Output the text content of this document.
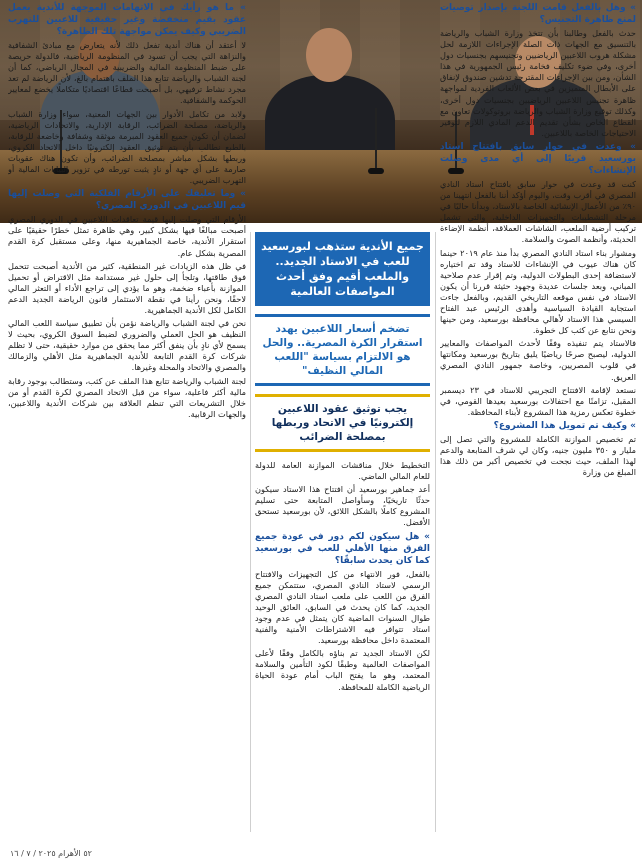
» وهل بالفعل قامت اللجنة بإصدار توصيات لمنع ظاهرة التجنيس؟

حدث بالفعل وطالبنا بأن تتخذ وزارة الشباب والرياضة بالتنسيق مع الجهات ذات الصلة الإجراءات اللازمة لحل مشكلة هروب اللاعبين الرياضيين وتجنيسهم بجنسيات دول أخرى، وفي ضوء تكليف فخامة رئيس الجمهورية في هذا الشأن، ومن بين الإجراءات المقترحة تدشين صندوق لإنفاق على الأبطال المتميزين في بعض الألعاب الفردية لمواجهة ظاهرة تجنيس اللاعبين الرياضيين بجنسيات دول أخرى، وكذلك توقيع وزارة الشباب والرياضة بروتوكولات تعاون مع القطاع الخاص بشأن تقديم الدعم المادي اللازم لتوفير الاحتياجات الخاصة باللاعبين.

» وعدت في حوار سابق بافتتاح استاد بورسعيد قريبًا إلى أي مدى وصلت الإنشاءات؟

كنت قد وعدت في حوار سابق بافتتاح استاد النادي المصري في أقرب وقت، واليوم أؤكد أننا بالفعل انتهينا من ٩٠٪ من الأعمال الإنشائية الخاصة بالاستاد، وبدأنا حاليًا في مرحلة التشطيبات والتجهيزات الداخلية، والتي تشمل تركيب أرضية الملعب، الشاشات العملاقة، أنظمة الإضاءة الحديثة، وأنظمة الصوت والسلامة.

ومشوار بناء استاد النادي المصري بدأ منذ عام ٢٠١٩ حينما كان هناك عيوب في الإنشاءات للاستاد وقد تم اختياره لاستضافة إحدى البطولات الدولية، وتم إقرار عدم صلاحية المباني، وبعد جلسات عديدة وجهود حثيثة قررنا أن يكون الاستاد في نفس موقعه التاريخي القديم، وبالفعل جاءت استجابة القيادة السياسية وأهدى الرئيس عبد الفتاح السيسي هذا الاستاد لأهالي محافظة بورسعيد، ومن حينها ونحن نتابع عن كثب كل خطوة.

فالاستاد يتم تنفيذه وفقًا لأحدث المواصفات والمعايير الدولية، ليصبح صرحًا رياضيًا يليق بتاريخ بورسعيد ومكانتها في قلوب المصريين، وخاصة جمهور النادي المصري العريق.

نستعد لإقامة الافتتاح التجريبي للاستاد في ٢٣ ديسمبر المقبل، تزامنًا مع احتفالات بورسعيد بعيدها القومي، في خطوة تعكس رمزية هذا المشروع لأبناء المحافظة.

» وكيف تم تمويل هذا المشروع؟

تم تخصيص الموازنة الكاملة للمشروع والتي تصل إلى مليار و ٣٥٠ مليون جنيه، وكان لي شرف المتابعة والدعم لهذا الملف، حيث نجحت في تخصيص أكبر من ذلك هذا المبلغ من وزارة

جميع الأندية ستذهب لبورسعيد للعب في الاستاد الجديد.. والملعب أقيم وفق أحدث المواصفات العالمية
تضخم أسعار اللاعبين يهدد استقرار الكرة المصرية.. والحل هو الالتزام بسياسة "اللعب المالي النظيف"
يجب توثيق عقود اللاعبين إلكترونيًا في الاتحاد وربطها بمصلحة الضرائب

التخطيط خلال مناقشات الموازنة العامة للدولة للعام المالي الماضي.

أعد جماهير بورسعيد أن افتتاح هذا الاستاد سيكون حدثًا تاريخيًا، وسأواصل المتابعة حتى تسليم المشروع كاملًا بالشكل اللائق، لأن بورسعيد تستحق الأفضل.

» هل سيكون لكم دور في عودة جميع الفرق منها الأهلي للعب في بورسعيد كما كان يحدث سابقًا؟

بالفعل، فور الانتهاء من كل التجهيزات والافتتاح الرسمي لاستاد النادي المصري، ستتمكن جميع الفرق من اللعب على ملعب استاد النادي المصري الجديد، كما كان يحدث في السابق، العائق الوحيد طوال السنوات الماضية كان يتمثل في عدم وجود استاد تتوافر فيه الاشتراطات الأمنية والفنية المعتمدة داخل محافظة بورسعيد.

لكن الاستاد الجديد تم بناؤه بالكامل وفقًا لأعلى المواصفات العالمية وطبقًا لكود التأمين والسلامة المعتمد، وهو ما يفتح الباب أمام عودة الحياة الرياضية الكاملة للمحافظة.

» ما هو رأيك في الاتهامات الموجهة للأندية بعمل عقود بقيم منخفضة وغير حقيقية للاعبين للتهرب الضريبي وكيف يمكن مواجهة تلك الظاهرة؟

لا أعتقد أن هناك أندية تفعل ذلك لأنه يتعارض مع مبادئ الشفافية والنزاهة التي يجب أن تسود في المنظومة الرياضية، فالدولة حريصة على ضبط المنظومة المالية والضريبية في المجال الرياضي، كما أن لجنة الشباب والرياضة تتابع هذا الملف باهتمام بالغ، لأن الرياضة لم تعد مجرد نشاط ترفيهي، بل أصبحت قطاعًا اقتصاديًا متكاملًا يخضع لمعايير الحوكمة والشفافية.

ولابد من تكامل الأدوار بين الجهات المعنية، سواء وزارة الشباب والرياضة، مصلحة الضرائب، الرقابة الإدارية، والاتحادات الرياضية، لضمان أن تكون جميع العقود المبرمة موثقة وشفافة وخاضعة للرقابة، بالطبع نطالب بأن يتم توثيق العقود إلكترونيًا داخل الاتحاد الكروي، وربطها بشكل مباشر بمصلحة الضرائب، وأن تكون هناك عقوبات صارمة على أي جهة أو نادٍ يثبت تورطه في تزوير البيانات المالية أو التهرب الضريبي.

» وما تعليقك على الأرقام الفلكية التي وصلت إليها قيم اللاعبين في الدوري المصري؟

الأرقام التي وصلت إليها قيمة تعاقدات اللاعبين في الدوري المصري أصبحت مبالغًا فيها بشكل كبير، وهي ظاهرة تمثل خطرًا حقيقيًا على استقرار الأندية، خاصة الجماهيرية منها، وعلى مستقبل كرة القدم المصرية بشكل عام.

في ظل هذه الزيادات غير المنطقية، كثير من الأندية أصبحت تتحمل فوق طاقتها، وتلجأ إلى حلول غير مستدامة مثل الاقتراض أو تحميل الموازنة بأعباء ضخمة، وهو ما يؤدي إلى تراجع الأداء أو التعثر المالي لاحقًا، ونحن رأينا في نقطة الاستثمار قانون الرياضة الجديد الدعم الكامل لكل الأندية الجماهيرية.

نحن في لجنة الشباب والرياضة نؤمن بأن تطبيق سياسة اللعب المالي النظيف هو الحل العملي والضروري لضبط السوق الكروي، بحيث لا يسمح لأي نادٍ بأن ينفق أكثر مما يحقق من موارد حقيقية، حتى لا تظلم شركات كرة القدم التابعة للأندية الجماهيرية مثل الأهلي والزمالك والمصري والاتحاد والمحلة وغيرها.

لجنة الشباب والرياضة تتابع هذا الملف عن كثب، وستطالب بوجود رقابة مالية أكثر فاعلية، سواء من قبل الاتحاد المصري لكرة القدم أو من خلال التشريعات التي تنظم العلاقة بين شركات الأندية واللاعبين، والجهات الرقابية.

٥٢ الأهرام ٢٠٢٥ / ٧ / ١٦
